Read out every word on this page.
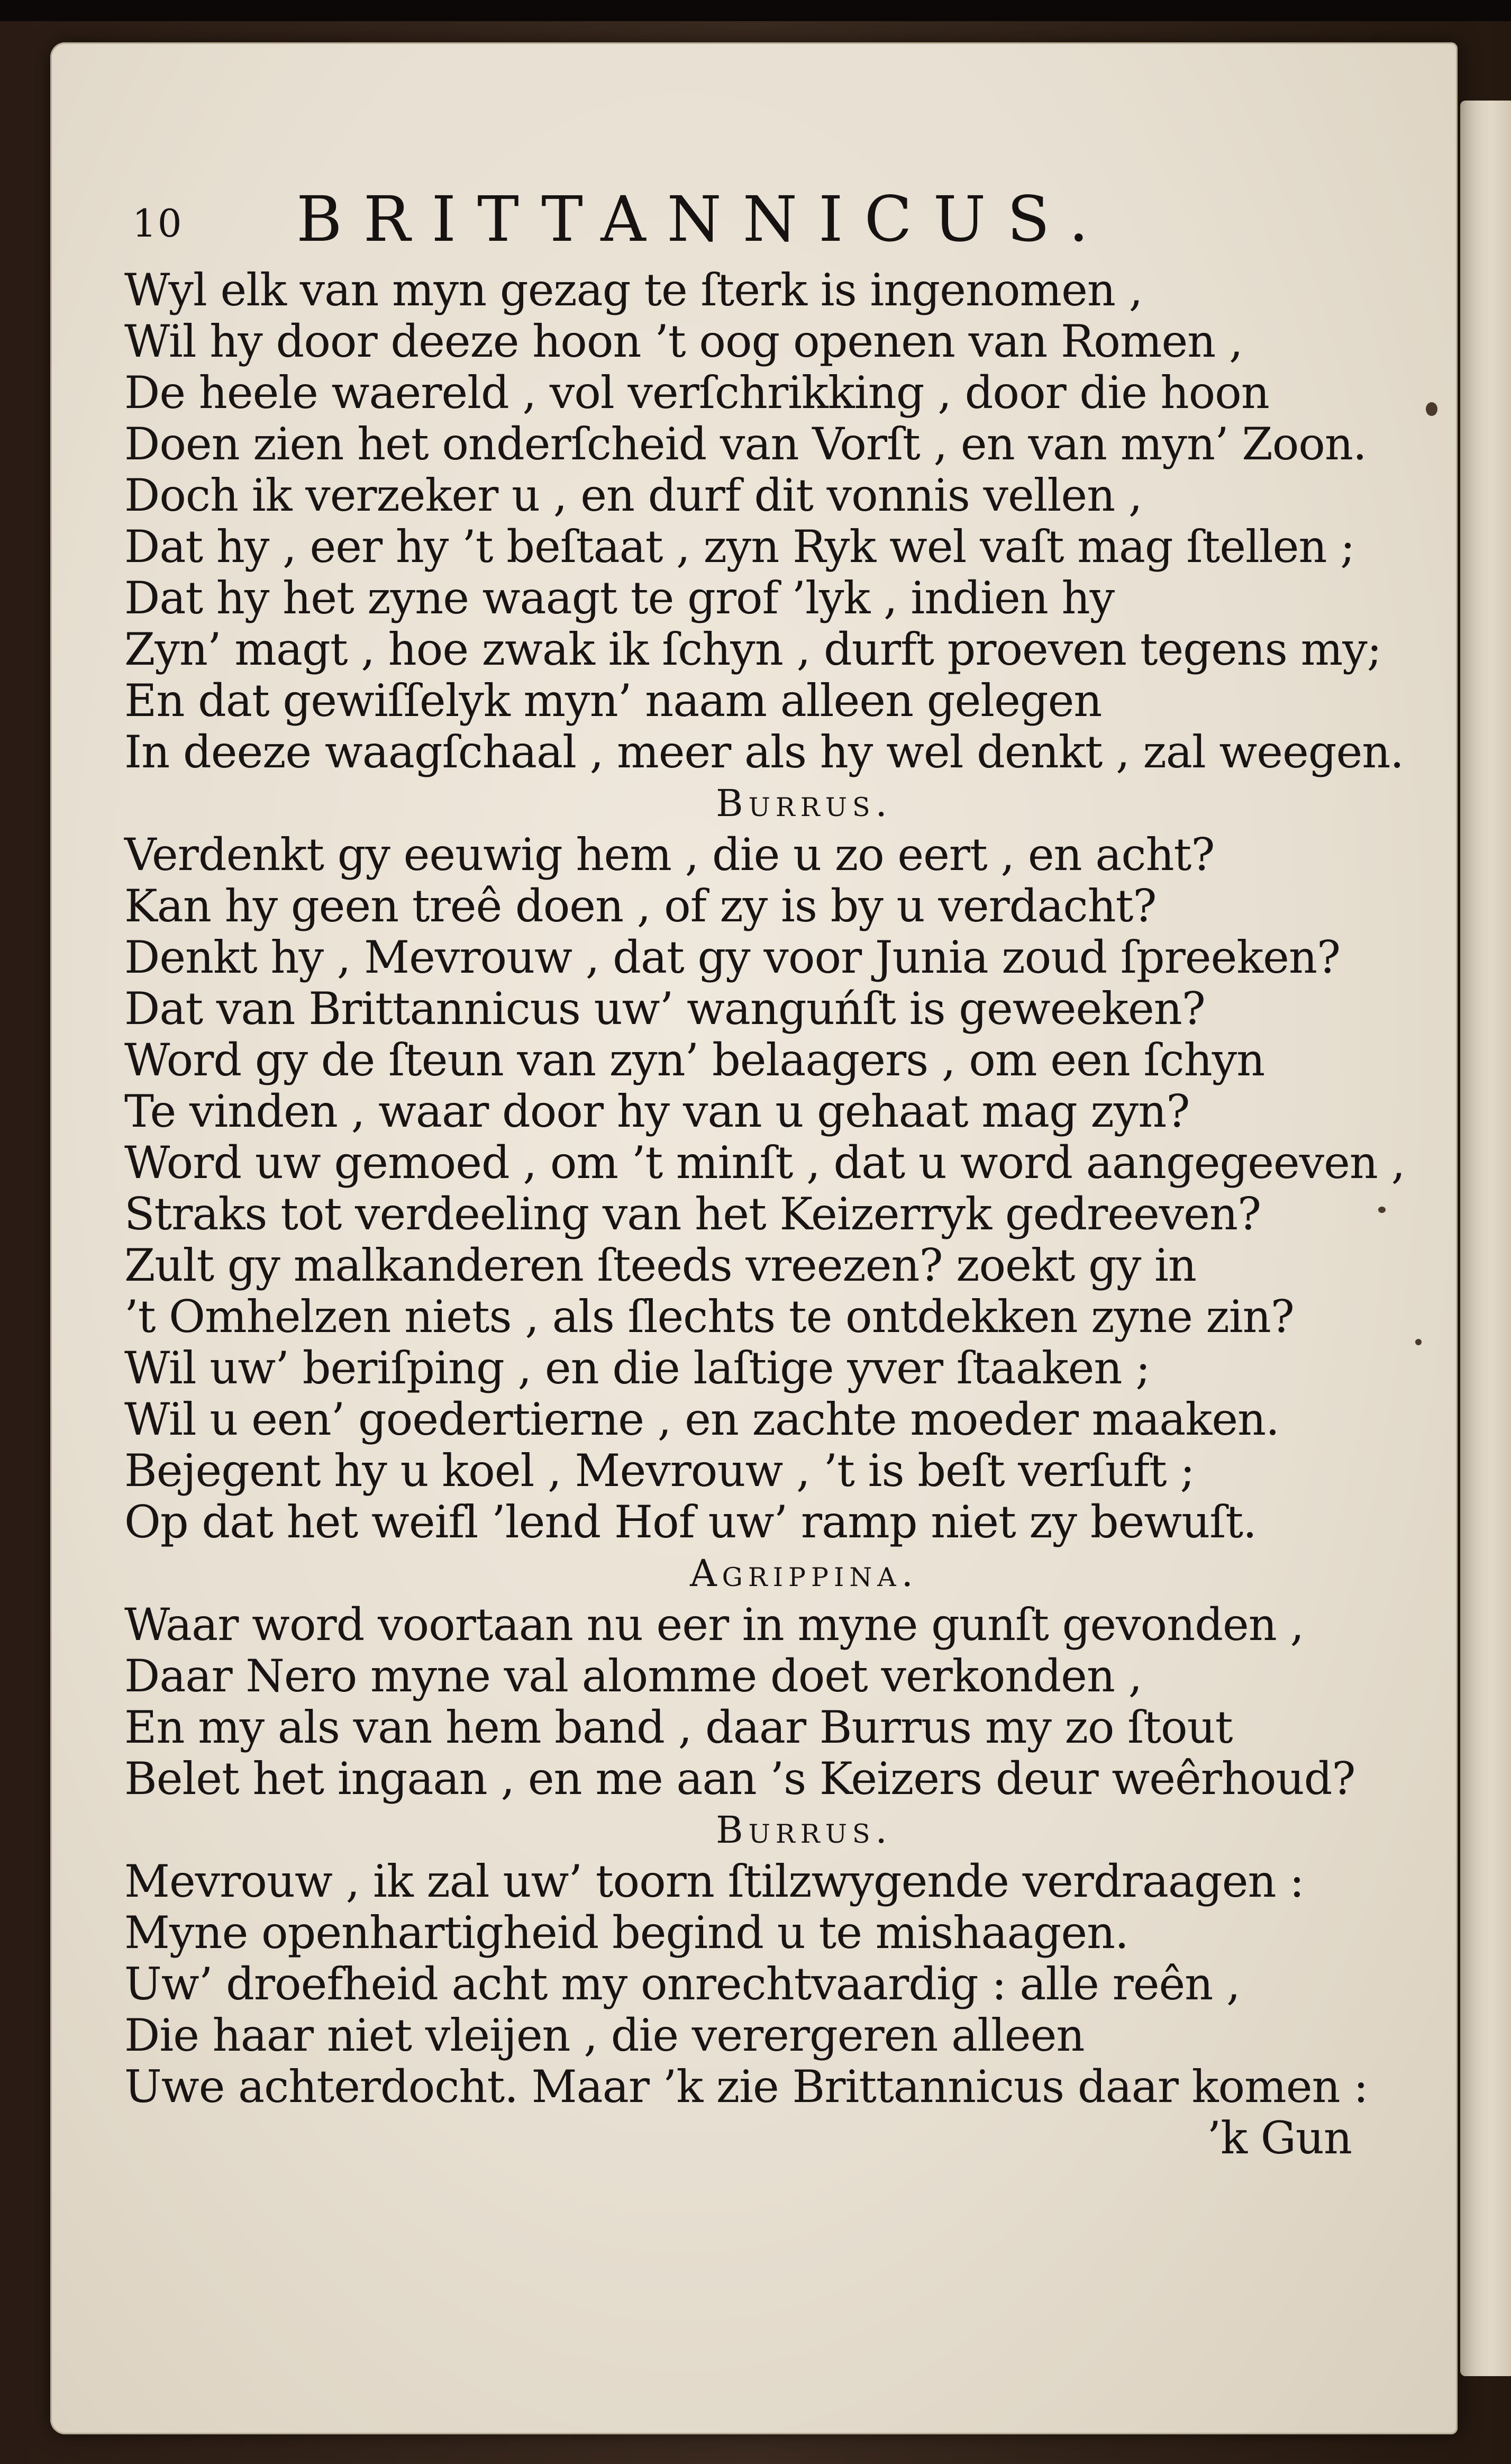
10 BRITTANNICUS.
Wyl elk van myn gezag te ſterk is ingenomen ,
Wil hy door deeze hoon ’t oog openen van Romen ,
De heele waereld , vol verſchrikking , door die hoon
Doen zien het onderſcheid van Vorſt , en van myn’ Zoon.
Doch ik verzeker u , en durf dit vonnis vellen ,
Dat hy , eer hy ’t beſtaat , zyn Ryk wel vaſt mag ſtellen ;
Dat hy het zyne waagt te grof ’lyk , indien hy
Zyn’ magt , hoe zwak ik ſchyn , durft proeven tegens my;
En dat gewiſſelyk myn’ naam alleen gelegen
In deeze waagſchaal , meer als hy wel denkt , zal weegen.
Burrus.
Verdenkt gy eeuwig hem , die u zo eert , en acht?
Kan hy geen treê doen , of zy is by u verdacht?
Denkt hy , Mevrouw , dat gy voor Junia zoud ſpreeken?
Dat van Brittannicus uw’ wanguńſt is geweeken?
Word gy de ſteun van zyn’ belaagers , om een ſchyn
Te vinden , waar door hy van u gehaat mag zyn?
Word uw gemoed , om ’t minſt , dat u word aangegeeven ,
Straks tot verdeeling van het Keizerryk gedreeven?
Zult gy malkanderen ſteeds vreezen? zoekt gy in
’t Omhelzen niets , als ſlechts te ontdekken zyne zin?
Wil uw’ beriſping , en die laſtige yver ſtaaken ;
Wil u een’ goedertierne , en zachte moeder maaken.
Bejegent hy u koel , Mevrouw , ’t is beſt verſuft ;
Op dat het weifl ’lend Hof uw’ ramp niet zy bewuſt.
Agrippina.
Waar word voortaan nu eer in myne gunſt gevonden ,
Daar Nero myne val alomme doet verkonden ,
En my als van hem band , daar Burrus my zo ſtout
Belet het ingaan , en me aan ’s Keizers deur weêrhoud?
Burrus.
Mevrouw , ik zal uw’ toorn ſtilzwygende verdraagen :
Myne openhartigheid begind u te mishaagen.
Uw’ droefheid acht my onrechtvaardig : alle reên ,
Die haar niet vleijen , die verergeren alleen
Uwe achterdocht. Maar ’k zie Brittannicus daar komen :
’k Gun
